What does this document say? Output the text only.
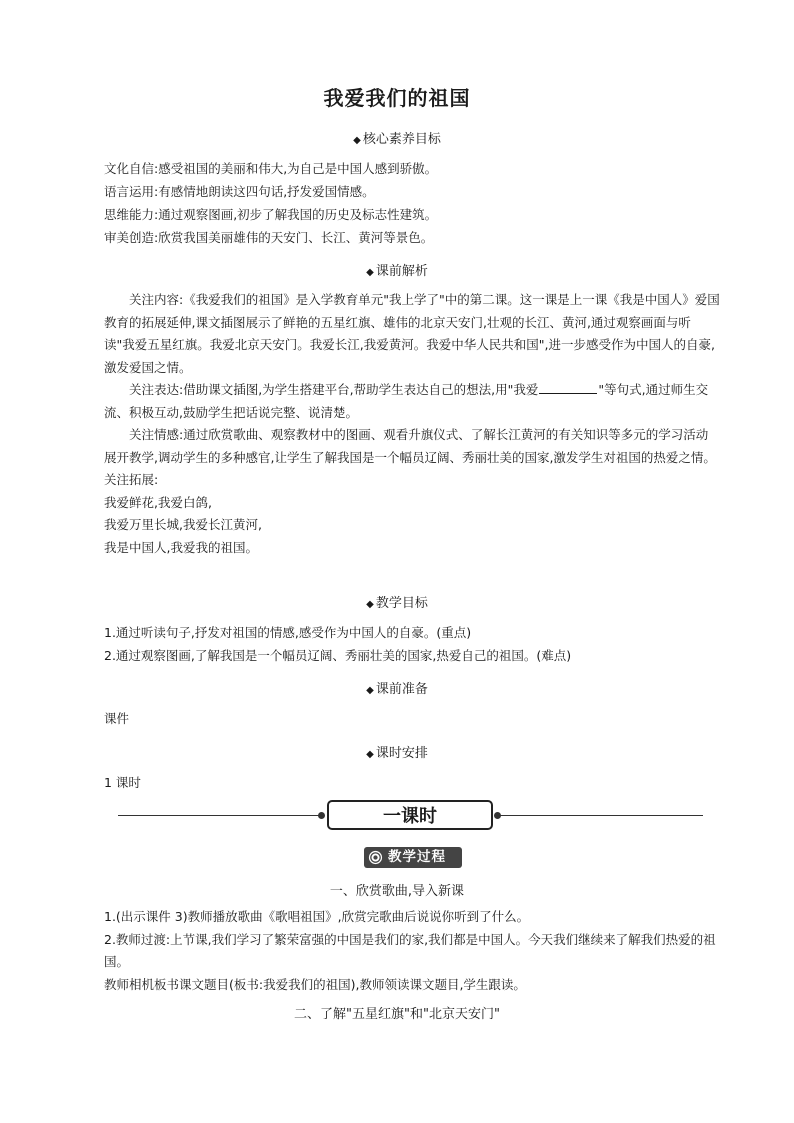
我爱我们的祖国
◆ 核心素养目标
文化自信:感受祖国的美丽和伟大,为自己是中国人感到骄傲。
语言运用:有感情地朗读这四句话,抒发爱国情感。
思维能力:通过观察图画,初步了解我国的历史及标志性建筑。
审美创造:欣赏我国美丽雄伟的天安门、长江、黄河等景色。
◆ 课前解析

关注内容:《我爱我们的祖国》是入学教育单元"我上学了"中的第二课。这一课是上一课《我是中国人》爱国教育的拓展延伸,课文插图展示了鲜艳的五星红旗、雄伟的北京天安门,壮观的长江、黄河,通过观察画面与听读"我爱五星红旗。我爱北京天安门。我爱长江,我爱黄河。我爱中华人民共和国",进一步感受作为中国人的自豪,激发爱国之情。

关注表达:借助课文插图,为学生搭建平台,帮助学生表达自己的想法,用"我爱	"等句式,通过师生交流、积极互动,鼓励学生把话说完整、说清楚。

关注情感:通过欣赏歌曲、观察教材中的图画、观看升旗仪式、了解长江黄河的有关知识等多元的学习活动展开教学,调动学生的多种感官,让学生了解我国是一个幅员辽阔、秀丽壮美的国家,激发学生对祖国的热爱之情。

关注拓展:

我爱鲜花,我爱白鸽,

我爱万里长城,我爱长江黄河,

我是中国人,我爱我的祖国。

◆ 教学目标
1.通过听读句子,抒发对祖国的情感,感受作为中国人的自豪。(重点)
2.通过观察图画,了解我国是一个幅员辽阔、秀丽壮美的国家,热爱自己的祖国。(难点)
◆ 课前准备
课件
◆ 课时安排
1 课时
一课时
教学过程
一、欣赏歌曲,导入新课

1.(出示课件 3)教师播放歌曲《歌唱祖国》,欣赏完歌曲后说说你听到了什么。

2.教师过渡:上节课,我们学习了繁荣富强的中国是我们的家,我们都是中国人。今天我们继续来了解我们热爱的祖国。

教师相机板书课文题目(板书:我爱我们的祖国),教师领读课文题目,学生跟读。

二、了解"五星红旗"和"北京天安门"
